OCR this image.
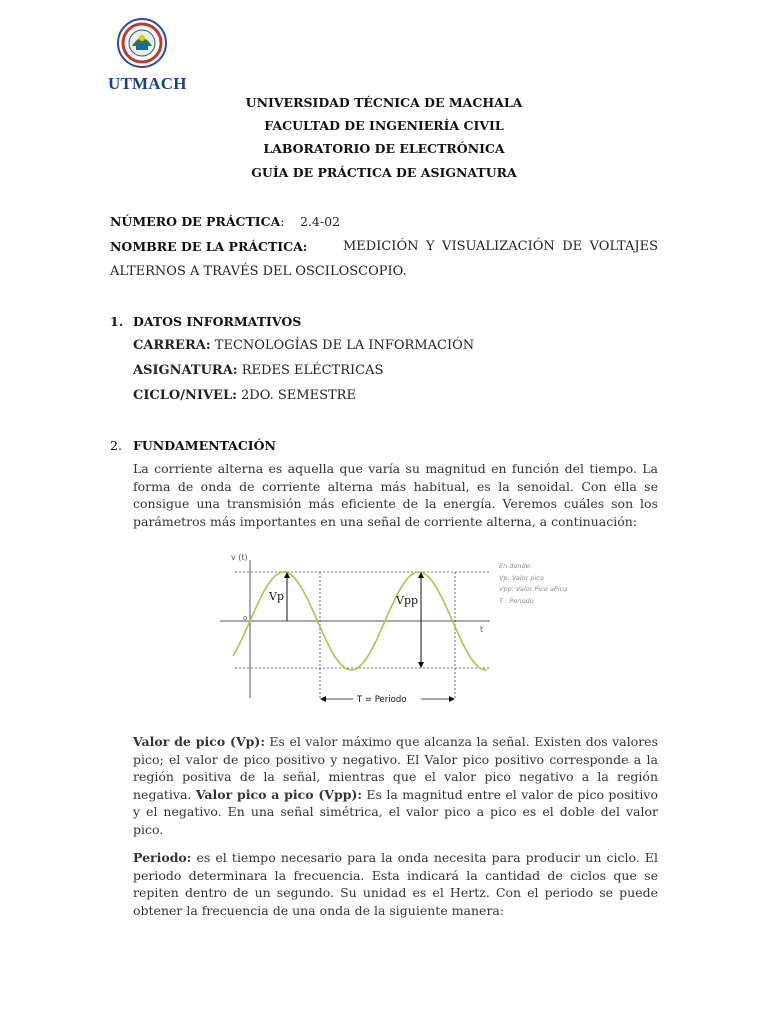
UTMACH
UNIVERSIDAD TÉCNICA DE MACHALA
FACULTAD DE INGENIERÍA CIVIL
LABORATORIO DE ELECTRÓNICA
GUÍA DE PRÁCTICA DE ASIGNATURA
NÚMERO DE PRÁCTICA: 2.4-02
NOMBRE DE LA PRÁCTICA:	MEDICIÓN Y VISUALIZACIÓN DE VOLTAJES
ALTERNOS A TRAVÉS DEL OSCILOSCOPIO.
1. DATOS INFORMATIVOS
CARRERA: TECNOLOGÍAS DE LA INFORMACIÓN
ASIGNATURA: REDES ELÉCTRICAS
CICLO/NIVEL: 2DO. SEMESTRE
2. FUNDAMENTACIÓN
La corriente alterna es aquella que varía su magnitud en función del tiempo. La forma de onda de corriente alterna más habitual, es la senoidal. Con ella se consigue una transmisión más eficiente de la energía. Veremos cuáles son los parámetros más importantes en una señal de corriente alterna, a continuación:
v (t)
t
o
Vp	Vpp
T = Periodo
En donde:
Vp: Valor pico
Vpp: Valor Pico aPico
T : Periodo
Valor de pico (Vp): Es el valor máximo que alcanza la señal. Existen dos valores pico; el valor de pico positivo y negativo. El Valor pico positivo corresponde a la región positiva de la señal, mientras que el valor pico negativo a la región negativa. Valor pico a pico (Vpp): Es la magnitud entre el valor de pico positivo y el negativo. En una señal simétrica, el valor pico a pico es el doble del valor pico.
Periodo: es el tiempo necesario para la onda necesita para producir un ciclo. El periodo determinara la frecuencia. Esta indicará la cantidad de ciclos que se repiten dentro de un segundo. Su unidad es el Hertz. Con el periodo se puede obtener la frecuencia de una onda de la siguiente manera:
